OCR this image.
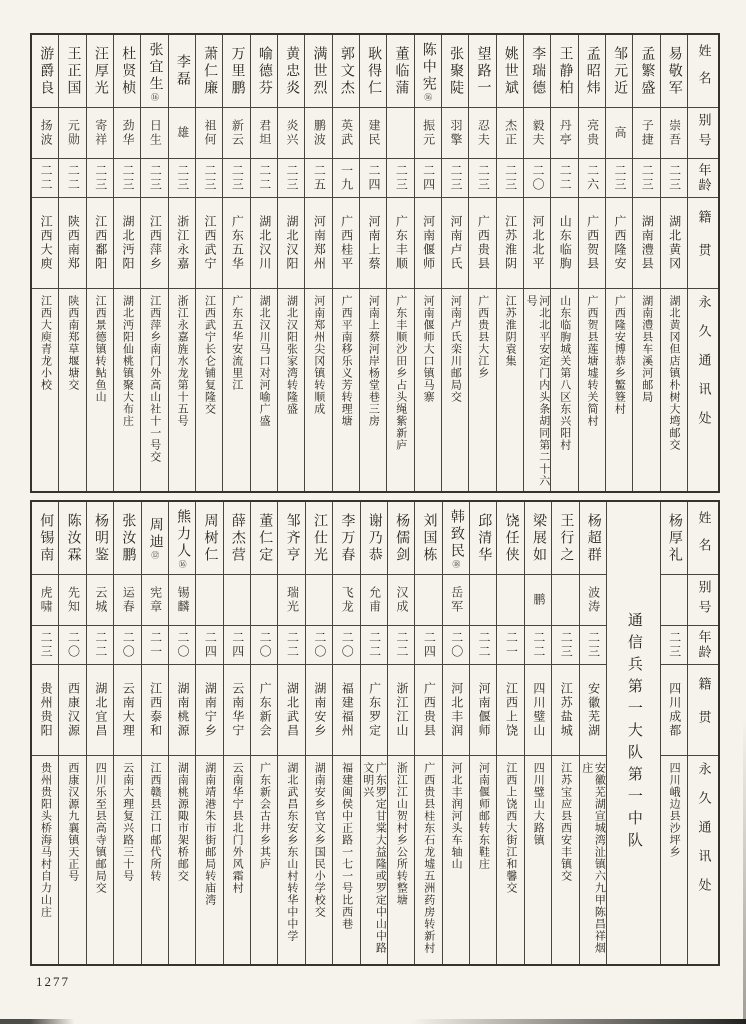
游爵良
扬波
二二
江西大庾
江西大庾青龙小校
王正国
元勋
二二
陕西南郑
陕西南郑草堰塘交
汪厚光
寄祥
二三
江西鄱阳
江西景德镇转鲇鱼山
杜贤桢
劲华
二三
湖北沔阳
湖北沔阳仙桃镇聚大布庄
张宜生⑯
日生
二三
江西萍乡
江西萍乡南门外高山社十一号交
李磊
雄
二三
浙江永嘉
浙江永嘉旌水龙第十五号
萧仁廉
祖何
二三
江西武宁
江西武宁长仑铺复隆交
万里鹏
新云
二三
广东五华
广东五华安流里江
喻德芬
君坦
二二
湖北汉川
湖北汉川马口对河喻广盛
黄忠炎
炎兴
二三
湖北汉阳
湖北汉阳张家湾转隆盛
满世烈
鹏波
二五
河南郑州
河南郑州尖冈镇转顺成
郭文杰
英武
一九
广西桂平
广西平南移乐义芳转理塘
耿得仁
建民
二四
河南上蔡
河南上蔡河岸杨堂巷三房
董临蒲
二三
广东丰顺
广东丰顺沙田乡占头绳紫新庐
陈中宪⑯
振元
二四
河南偃师
河南偃师大口镇马寨
张聚陡
羽擎
二三
河南卢氏
河南卢氏栾川邮局交
望路一
忍夫
二三
广西贵县
广西贵县大江乡
姚世斌
杰正
二三
江苏淮阴
江苏淮阴袁集
李瑞德
毅夫
二〇
河北北平
河北北平安定门内头条胡同第二十六号
王静柏
丹亭
二二
山东临朐
山东临朐城关第八区东兴阳村
孟昭炜
亮贵
二六
广西贺县
广西贺县莲塘墟转关简村
邹元近
高
二三
广西隆安
广西隆安博恭乡鳘簦村
孟繁盛
子捷
二三
湖南澧县
湖南澧县车溪河邮局
易敬军
崇吾
二三
湖北黄冈
湖北黄冈但店镇朴树大塆邮交
姓名
别号
年龄
籍贯
永久通讯处
何锡南
虎啸
二三
贵州贵阳
贵州贵阳头桥海马村自力山庄
陈汝霖
先知
二〇
西康汉源
西康汉源九襄镇天正号
杨明鉴
云城
二二
湖北宜昌
四川乐至县高寺镇邮局交
张汝鹏
运春
二〇
云南大理
云南大理复兴路三十号
周迪⑫
宪章
二一
江西泰和
江西赣县江口邮代所转
熊力人⑯
锡麟
二〇
湖南桃源
湖南桃源陬市架桥邮交
周树仁
二四
湖南宁乡
湖南靖港朱市街邮局转庙湾
薛杰营
二四
云南华宁
云南华宁县北门外风霜村
董仁定
二〇
广东新会
广东新会古井乡其庐
邹齐亨
瑞光
二二
湖北武昌
湖北武昌东安乡东山村转华中中学
江仕光
二〇
湖南安乡
湖南安乡官文乡国民小学校交
李万春
飞龙
二〇
福建福州
福建闽侯中正路一七一号比西巷
谢乃恭
允甫
二二
广东罗定
广东罗定甘棠大益隆或罗定中山中路文明兴
杨儒剑
汉成
二二
浙江江山
浙江江山贺村乡公所转整塘
刘国栋
二四
广西贵县
广西贵县桂东石龙墟五洲药房转新村
韩致民⑱
岳军
二〇
河北丰润
河北丰润河头车轴山
邱清华
二二
河南偃师
河南偃师邮转东鞋庄
饶任侠
二一
江西上饶
江西上饶西大街江和馨交
梁展如
鹏
二二
四川璧山
四川璧山大路镇
王行之
二三
江苏盐城
江苏宝应县西安丰镇交
杨超群
波涛
二三
安徽芜湖
安徽芜湖宣城湾沚镇六九甲陈昌祥烟庄	通信兵第一大队第一中队
杨厚礼
二三
四川成都
四川峨边县沙坪乡
姓名
别号
年龄
籍贯
永久通讯处
1277
